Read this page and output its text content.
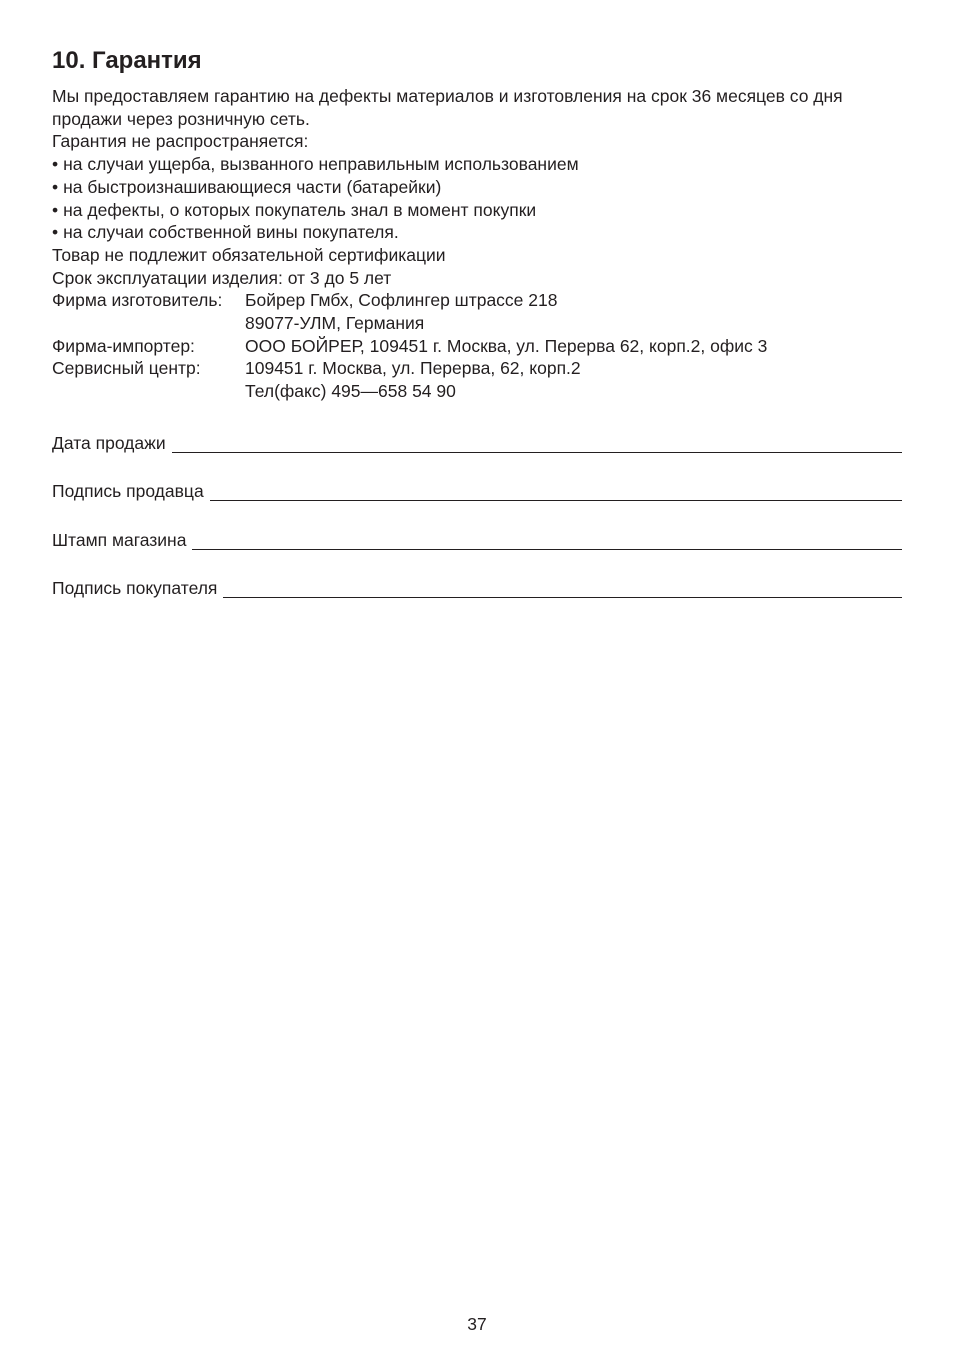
10. Гарантия

Мы предоставляем гарантию на дефекты материалов и изготовления на срок 36 месяцев со дня

продажи через розничную сеть.

Гарантия не распространяется:

• на случаи ущерба, вызванного неправильным использованием
• на быстроизнашивающиеся части (батарейки)
• на дефекты, о которых покупатель знал в момент покупки
• на случаи собственной вины покупателя.

Товар не подлежит обязательной сертификации

Срок эксплуатации изделия: от 3 до 5 лет

Фирма изготовитель:	Бойрер Гмбх, Софлингер штрассе 218
89077-УЛМ, Германия
Фирма-импортер:	ООО БОЙРЕР, 109451 г. Москва, ул. Перерва 62, корп.2, офис 3
Сервисный центр:	109451 г. Москва, ул. Перерва, 62, корп.2
Тел(факс) 495—658 54 90
Дата продажи
Подпись продавца
Штамп магазина
Подпись покупателя
37
